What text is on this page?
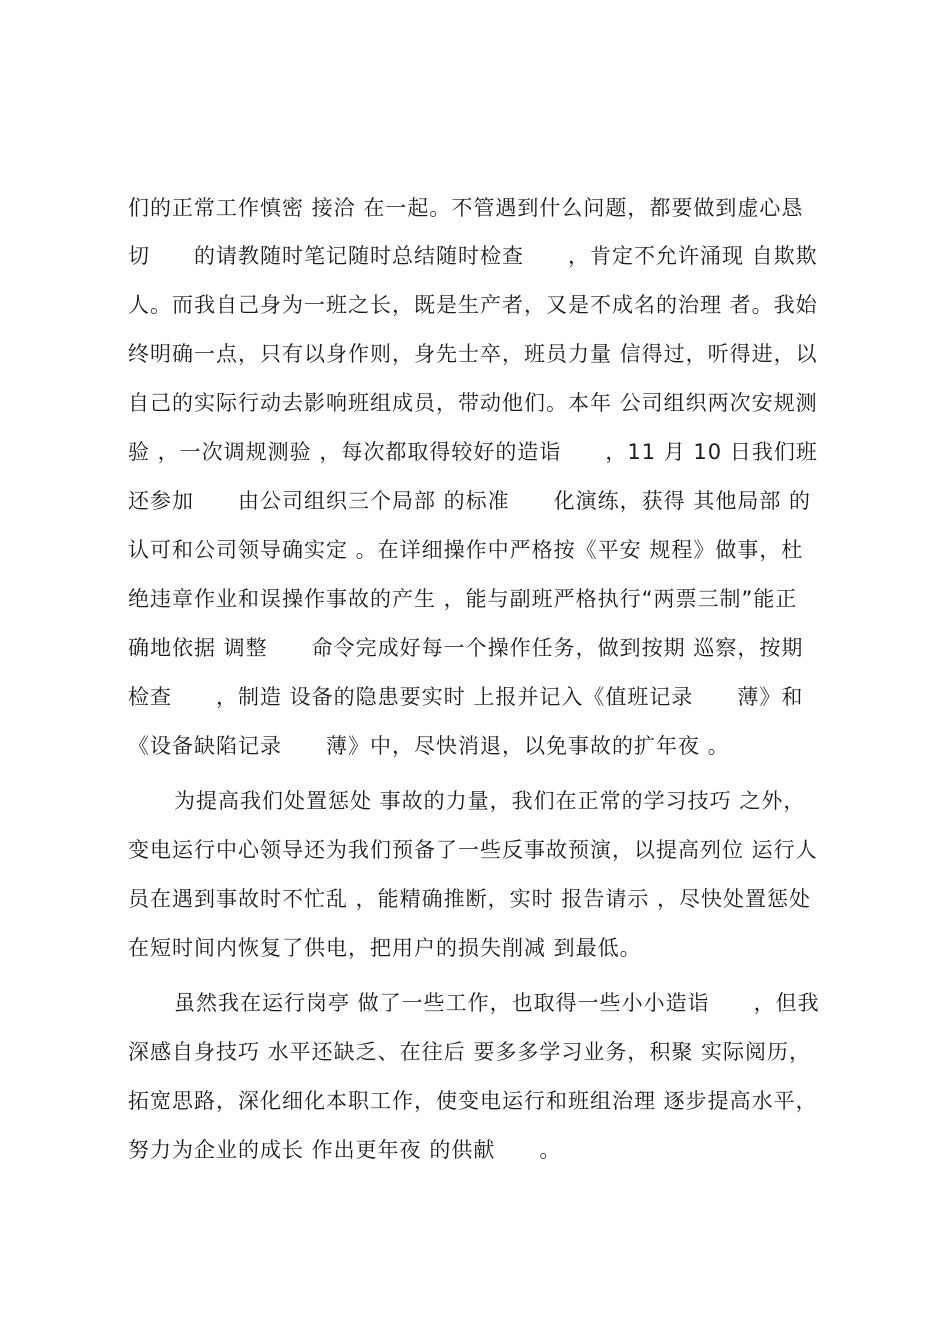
们的正常工作慎密 接洽 在一起。不管遇到什么问题，都要做到虚心恳
切　　的请教随时笔记随时总结随时检查　　，肯定不允许涌现 自欺欺
人。而我自己身为一班之长，既是生产者，又是不成名的治理 者。我始
终明确一点，只有以身作则，身先士卒，班员力量 信得过，听得进，以
自己的实际行动去影响班组成员，带动他们。本年 公司组织两次安规测
验 ，一次调规测验 ，每次都取得较好的造诣　　，11 月 10 日我们班
还参加　　由公司组织三个局部 的标准　　化演练，获得 其他局部 的
认可和公司领导确实定 。在详细操作中严格按《平安 规程》做事，杜
绝违章作业和误操作事故的产生 ，能与副班严格执行“两票三制”能正
确地依据 调整　　命令完成好每一个操作任务，做到按期 巡察，按期
检查　　，制造 设备的隐患要实时 上报并记入《值班记录　　薄》和
《设备缺陷记录　　薄》中，尽快消退，以免事故的扩年夜 。
为提高我们处置惩处 事故的力量，我们在正常的学习技巧 之外，
变电运行中心领导还为我们预备了一些反事故预演，以提高列位 运行人
员在遇到事故时不忙乱 ，能精确推断，实时 报告请示 ，尽快处置惩处
在短时间内恢复了供电，把用户的损失削减 到最低。
虽然我在运行岗亭 做了一些工作，也取得一些小小造诣　　，但我
深感自身技巧 水平还缺乏、在往后 要多多学习业务，积聚 实际阅历，
拓宽思路，深化细化本职工作，使变电运行和班组治理 逐步提高水平，
努力为企业的成长 作出更年夜 的供献　　。
